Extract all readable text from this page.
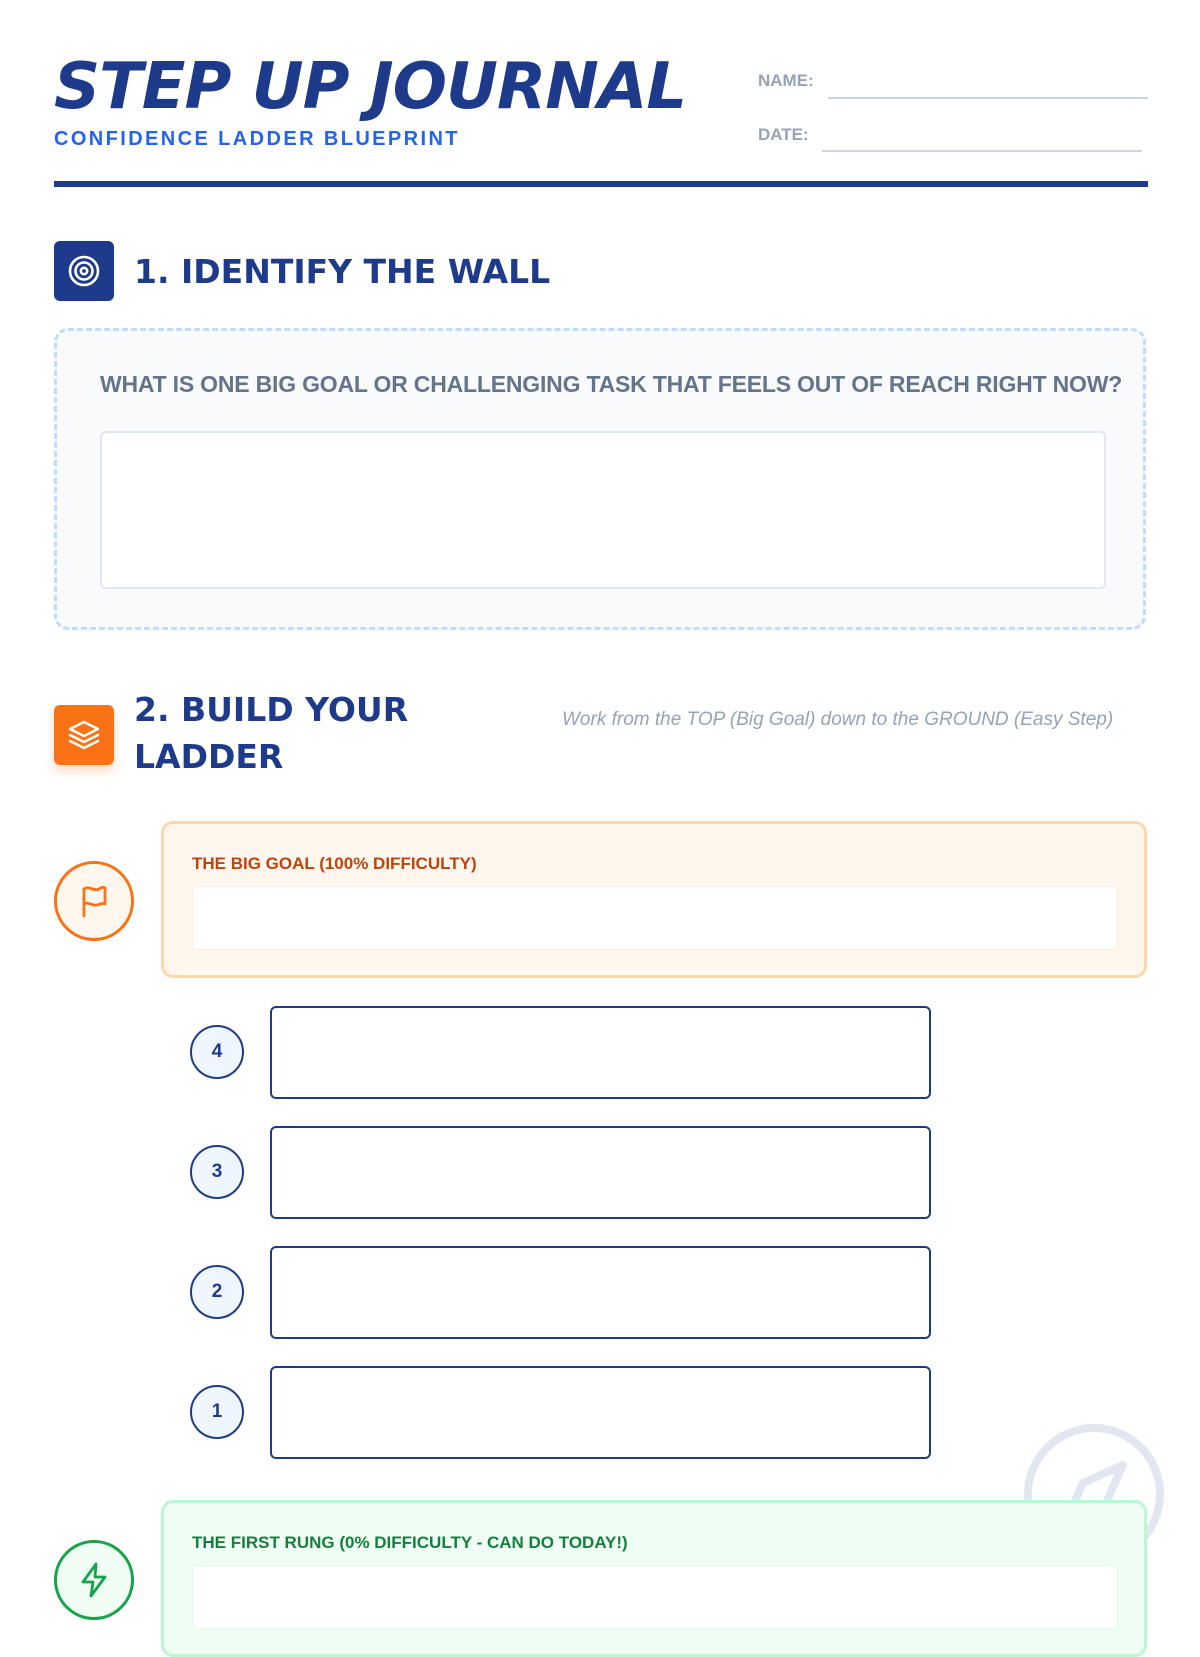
STEP UP JOURNAL
CONFIDENCE LADDER BLUEPRINT
NAME:
DATE:
1. IDENTIFY THE WALL
WHAT IS ONE BIG GOAL OR CHALLENGING TASK THAT FEELS OUT OF REACH RIGHT NOW?
2. BUILD YOUR
LADDER
Work from the TOP (Big Goal) down to the GROUND (Easy Step)
THE BIG GOAL (100% DIFFICULTY)
4
3
2
1
THE FIRST RUNG (0% DIFFICULTY - CAN DO TODAY!)
